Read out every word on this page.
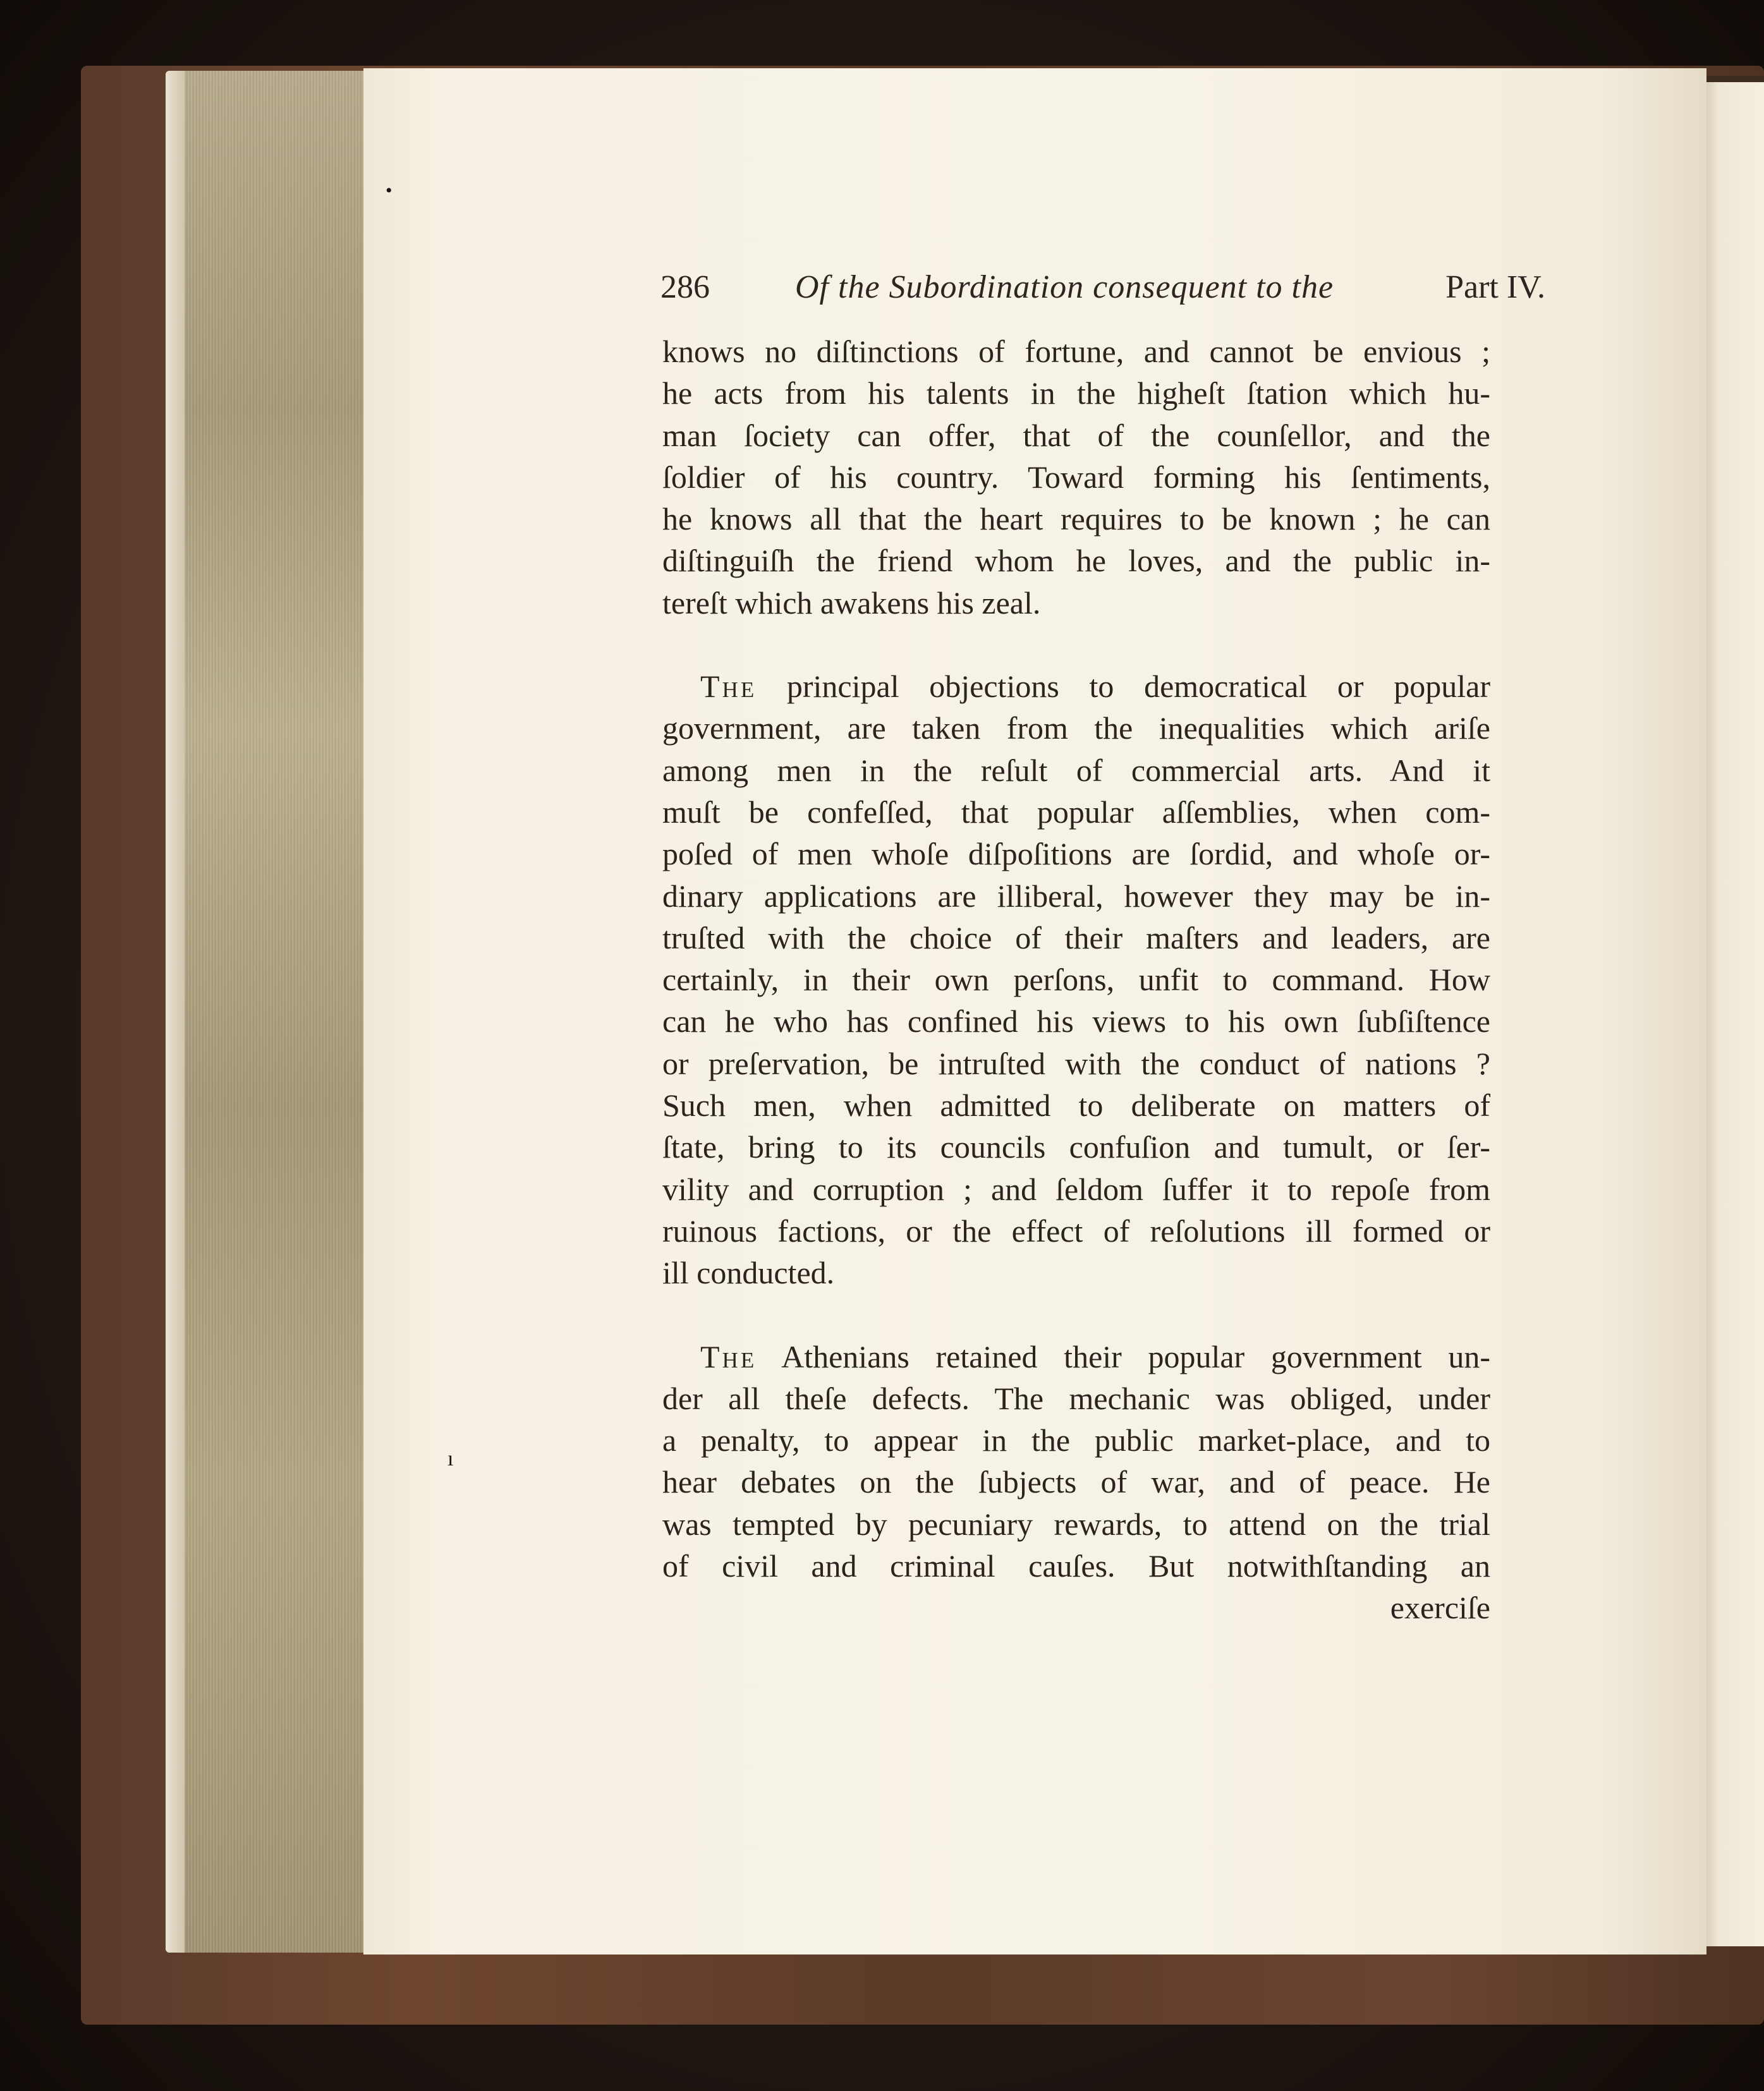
•
286	Of the Subordination consequent to the	Part IV.
knows no diſtinctions of fortune, and cannot be envious ;
he acts from his talents in the higheſt ſtation which hu-
man ſociety can offer, that of the counſellor, and the
ſoldier of his country. Toward forming his ſentiments,
he knows all that the heart requires to be known ; he can
diſtinguiſh the friend whom he loves, and the public in-
tereſt which awakens his zeal.
The principal objections to democratical or popular
government, are taken from the inequalities which ariſe
among men in the reſult of commercial arts. And it
muſt be confeſſed, that popular aſſemblies, when com-
poſed of men whoſe diſpoſitions are ſordid, and whoſe or-
dinary applications are illiberal, however they may be in-
truſted with the choice of their maſters and leaders, are
certainly, in their own perſons, unfit to command. How
can he who has confined his views to his own ſubſiſtence
or preſervation, be intruſted with the conduct of nations ?
Such men, when admitted to deliberate on matters of
ſtate, bring to its councils confuſion and tumult, or ſer-
vility and corruption ; and ſeldom ſuffer it to repoſe from
ruinous factions, or the effect of reſolutions ill formed or
ill conducted.
The Athenians retained their popular government un-
der all theſe defects. The mechanic was obliged, under
a penalty, to appear in the public market-place, and to
hear debates on the ſubjects of war, and of peace. He
was tempted by pecuniary rewards, to attend on the trial
of civil and criminal cauſes. But notwithſtanding an
exerciſe
ı
